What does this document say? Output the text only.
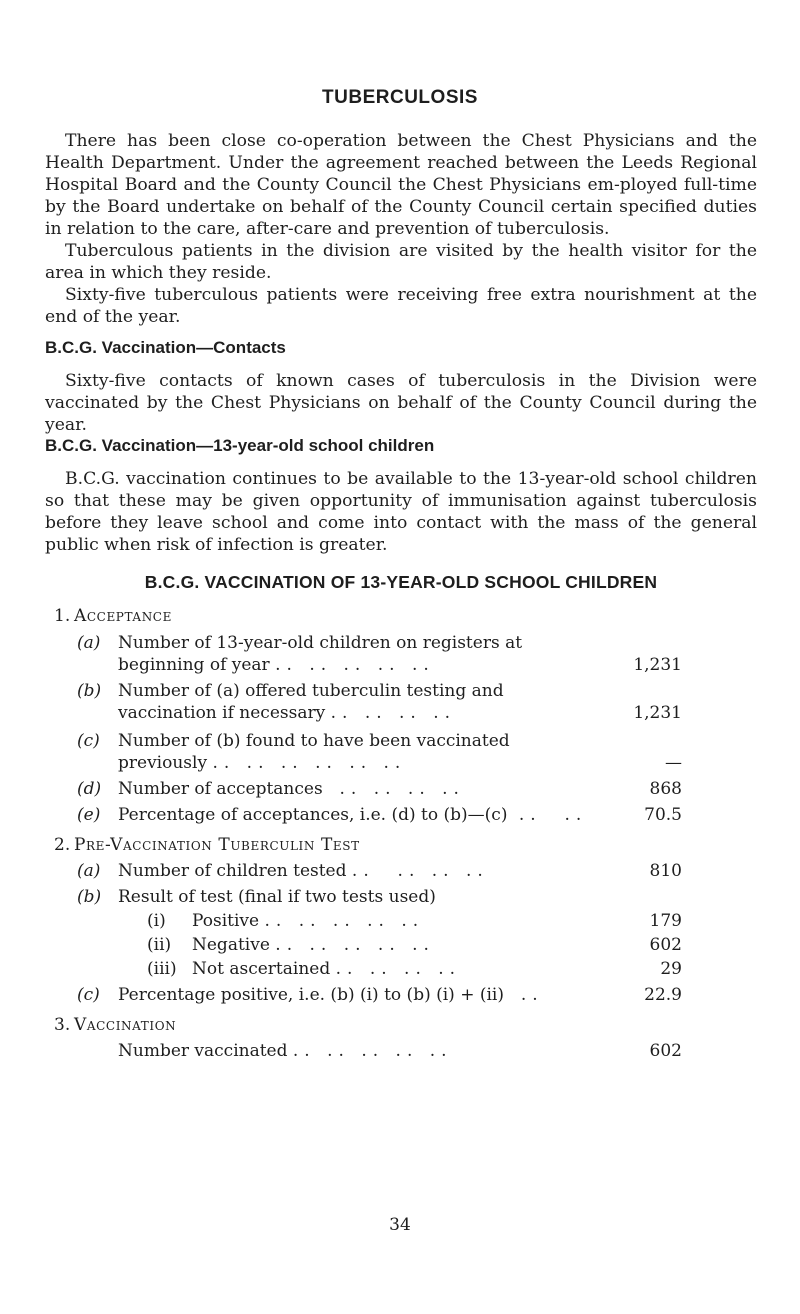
TUBERCULOSIS

There has been close co-operation between the Chest Physicians and the Health Department. Under the agreement reached between the Leeds Regional Hospital Board and the County Council the Chest Physicians em-ployed full-time by the Board undertake on behalf of the County Council certain specified duties in relation to the care, after-care and prevention of tuberculosis.

Tuberculous patients in the division are visited by the health visitor for the area in which they reside.

Sixty-five tuberculous patients were receiving free extra nourishment at the end of the year.

B.C.G. Vaccination—Contacts

Sixty-five contacts of known cases of tuberculosis in the Division were vaccinated by the Chest Physicians on behalf of the County Council during the year.

B.C.G. Vaccination—13-year-old school children

B.C.G. vaccination continues to be available to the 13-year-old school children so that these may be given opportunity of immunisation against tuberculosis before they leave school and come into contact with the mass of the general public when risk of infection is greater.

B.C.G. VACCINATION OF 13-YEAR-OLD SCHOOL CHILDREN
1. Acceptance
(a) Number of 13-year-old children on registers at
beginning of year .. .. .. .. ..	1,231
(b) Number of (a) offered tuberculin testing and
vaccination if necessary .. .. .. ..	1,231
(c) Number of (b) found to have been vaccinated
previously .. .. .. .. .. ..	—
(d) Number of acceptances  .. .. .. ..	868
(e) Percentage of acceptances, i.e. (d) to (b)—(c) ..  ..	70.5
2. Pre-Vaccination Tuberculin Test
(a) Number of children tested ..  .. .. ..	810
(b) Result of test (final if two tests used)
(i) Positive .. .. .. .. ..	179
(ii) Negative .. .. .. .. ..	602
(iii) Not ascertained .. .. .. ..	29
(c) Percentage positive, i.e. (b) (i) to (b) (i) + (ii)  ..	22.9
3. Vaccination
Number vaccinated .. .. .. .. ..	602
34
